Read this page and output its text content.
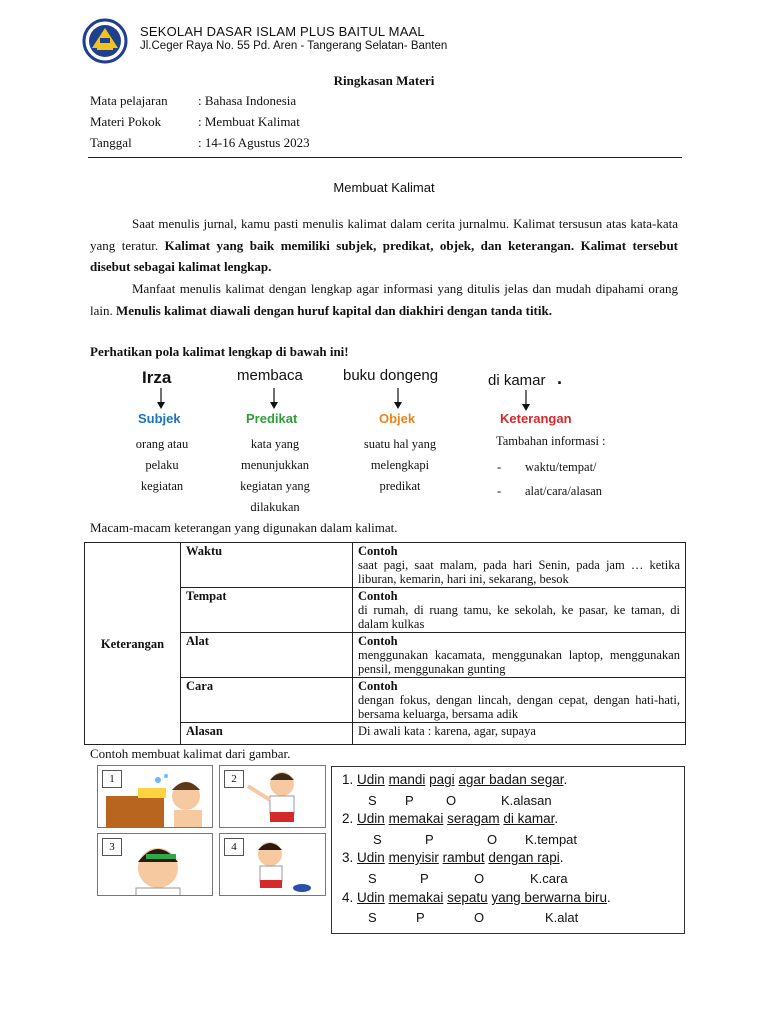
SEKOLAH DASAR ISLAM PLUS BAITUL MAAL
Jl.Ceger Raya No. 55 Pd. Aren - Tangerang Selatan- Banten
Ringkasan Materi
Mata pelajaran : Bahasa Indonesia
Materi Pokok	: Membuat Kalimat
Tanggal	: 14-16 Agustus 2023
Membuat Kalimat
Saat menulis jurnal, kamu pasti menulis kalimat dalam cerita jurnalmu. Kalimat tersusun atas kata-kata yang teratur. Kalimat yang baik memiliki subjek, predikat, objek, dan keterangan. Kalimat tersebut disebut sebagai kalimat lengkap.
Manfaat menulis kalimat dengan lengkap agar informasi yang ditulis jelas dan mudah dipahami orang lain. Menulis kalimat diawali dengan huruf kapital dan diakhiri dengan tanda titik.
Perhatikan pola kalimat lengkap di bawah ini!
Irza	membaca	buku dongeng	di kamar .
Subjek	Predikat	Objek	Keterangan
orang atau
pelaku
kegiatan
kata yang
menunjukkan
kegiatan yang
dilakukan
suatu hal yang
melengkapi
predikat
Tambahan informasi :
- waktu/tempat/
- alat/cara/alasan
Macam-macam keterangan yang digunakan dalam kalimat.
Keterangan	Waktu	Contoh
saat pagi, saat malam, pada hari Senin, pada jam … ketika liburan, kemarin, hari ini, sekarang, besok
	Tempat	Contoh
di rumah, di ruang tamu, ke sekolah, ke pasar, ke taman, di dalam kulkas
	Alat	Contoh
menggunakan kacamata, menggunakan laptop, menggunakan pensil, menggunakan gunting
	Cara	Contoh
dengan fokus, dengan lincah, dengan cepat, dengan hati-hati, bersama keluarga, bersama adik
	Alasan	Di awali kata : karena, agar, supaya
Contoh membuat kalimat dari gambar.
1	2
3	4
1. Udin mandi pagi agar badan segar.
S P O	K.alasan
2. Udin memakai seragam di kamar.
S	P	O K.tempat
3. Udin menyisir rambut dengan rapi.
S	P	O	K.cara
4. Udin memakai sepatu yang berwarna biru.
S	P	O	K.alat
